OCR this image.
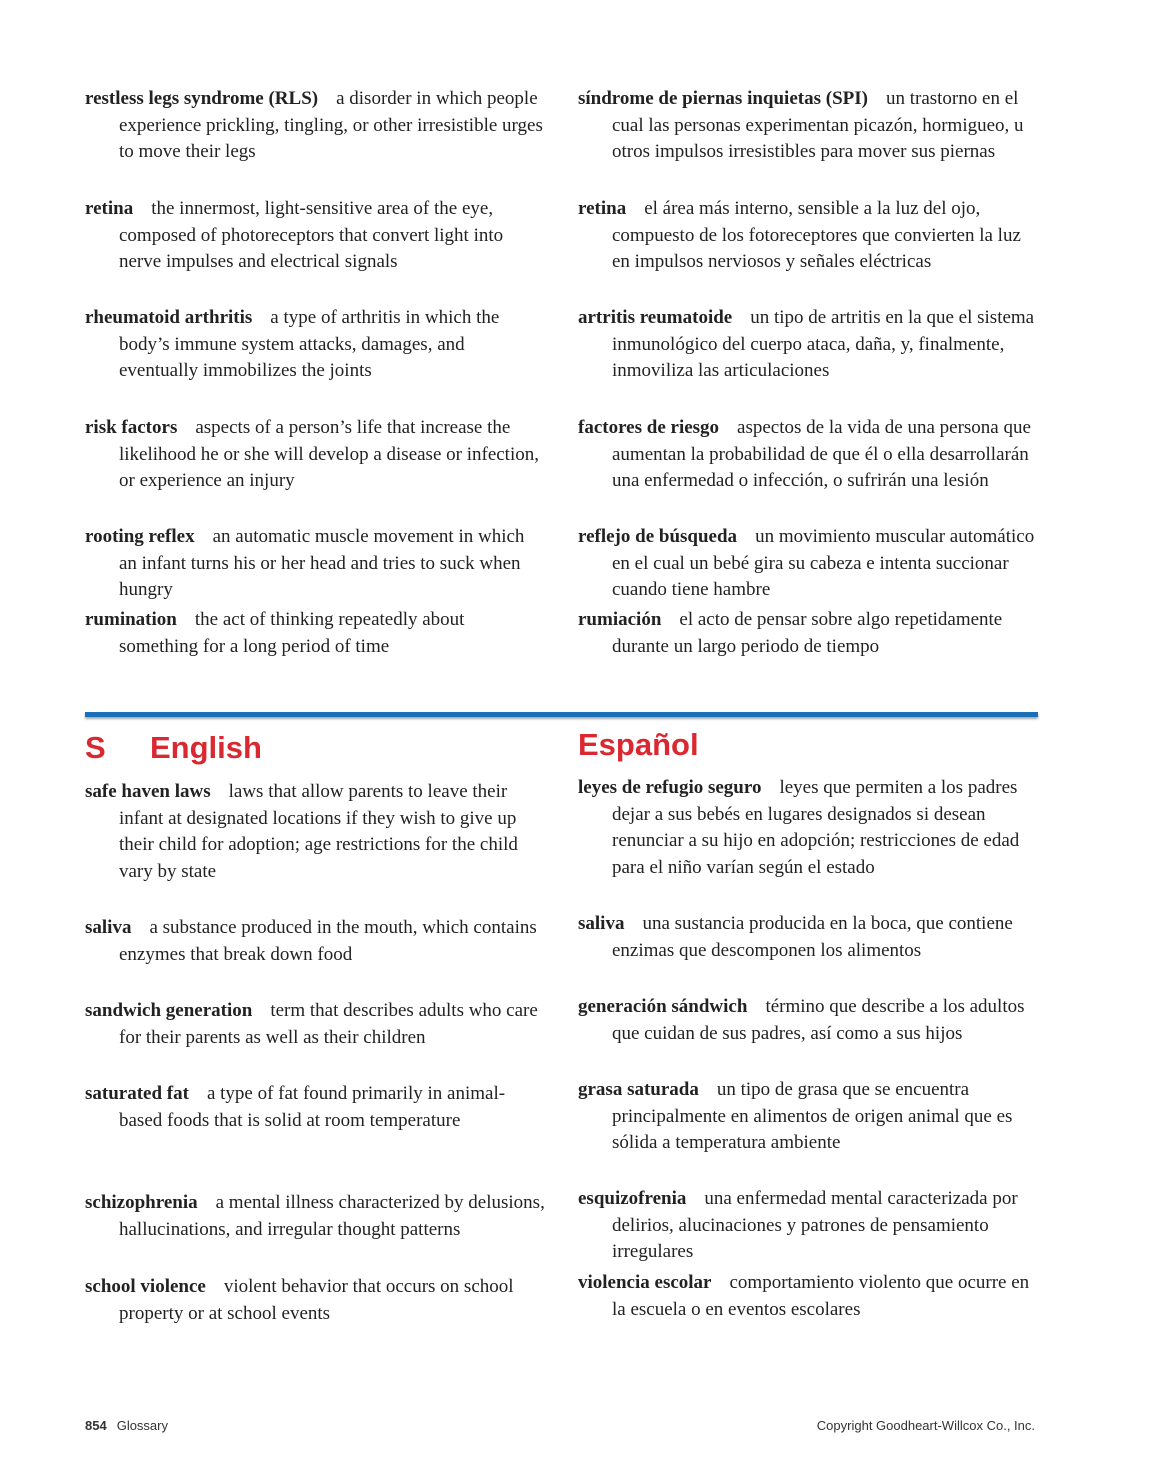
restless legs syndrome (RLS) a disorder in which people experience prickling, tingling, or other irresistible urges to move their legs

retina the innermost, light-sensitive area of the eye, composed of photoreceptors that convert light into nerve impulses and electrical signals

rheumatoid arthritis a type of arthritis in which the body’s immune system attacks, damages, and eventually immobilizes the joints

risk factors aspects of a person’s life that increase the likelihood he or she will develop a disease or infection, or experience an injury

rooting reflex an automatic muscle movement in which an infant turns his or her head and tries to suck when hungry

rumination the act of thinking repeatedly about something for a long period of time

síndrome de piernas inquietas (SPI) un trastorno en el cual las personas experimentan picazón, hormigueo, u otros impulsos irresistibles para mover sus piernas

retina el área más interno, sensible a la luz del ojo, compuesto de los fotoreceptores que convierten la luz en impulsos nerviosos y señales eléctricas

artritis reumatoide un tipo de artritis en la que el sistema inmunológico del cuerpo ataca, daña, y, finalmente, inmoviliza las articulaciones

factores de riesgo aspectos de la vida de una persona que aumentan la probabilidad de que él o ella desarrollarán una enfermedad o infección, o sufrirán una lesión

reflejo de búsqueda un movimiento muscular automático en el cual un bebé gira su cabeza e intenta succionar cuando tiene hambre

rumiación el acto de pensar sobre algo repetidamente durante un largo periodo de tiempo

S English	Español

safe haven laws laws that allow parents to leave their infant at designated locations if they wish to give up their child for adoption; age restrictions for the child vary by state

saliva a substance produced in the mouth, which contains enzymes that break down food

sandwich generation term that describes adults who care for their parents as well as their children

saturated fat a type of fat found primarily in animal-based foods that is solid at room temperature

schizophrenia a mental illness characterized by delusions, hallucinations, and irregular thought patterns

school violence violent behavior that occurs on school property or at school events

leyes de refugio seguro leyes que permiten a los padres dejar a sus bebés en lugares designados si desean renunciar a su hijo en adopción; restricciones de edad para el niño varían según el estado

saliva una sustancia producida en la boca, que contiene enzimas que descomponen los alimentos

generación sándwich término que describe a los adultos que cuidan de sus padres, así como a sus hijos

grasa saturada un tipo de grasa que se encuentra principalmente en alimentos de origen animal que es sólida a temperatura ambiente

esquizofrenia una enfermedad mental caracterizada por delirios, alucinaciones y patrones de pensamiento irregulares

violencia escolar comportamiento violento que ocurre en la escuela o en eventos escolares

854 Glossary	Copyright Goodheart-Willcox Co., Inc.
